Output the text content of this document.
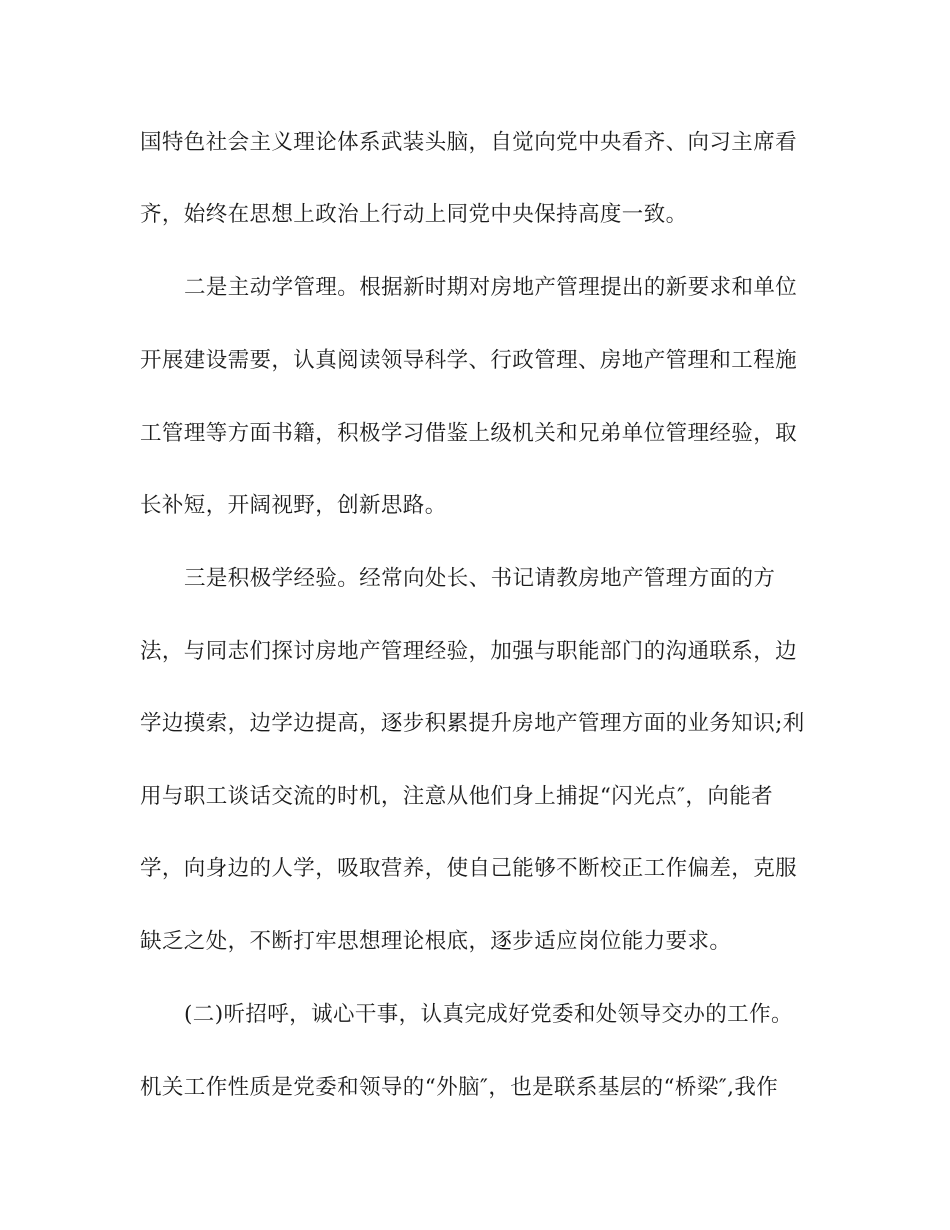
国特色社会主义理论体系武装头脑，自觉向党中央看齐、向习主席看
齐，始终在思想上政治上行动上同党中央保持高度一致。
二是主动学管理。根据新时期对房地产管理提出的新要求和单位
开展建设需要，认真阅读领导科学、行政管理、房地产管理和工程施
工管理等方面书籍，积极学习借鉴上级机关和兄弟单位管理经验，取
长补短，开阔视野，创新思路。
三是积极学经验。经常向处长、书记请教房地产管理方面的方
法，与同志们探讨房地产管理经验，加强与职能部门的沟通联系，边
学边摸索，边学边提高，逐步积累提升房地产管理方面的业务知识;利
用与职工谈话交流的时机，注意从他们身上捕捉“闪光点″，向能者
学，向身边的人学，吸取营养，使自己能够不断校正工作偏差，克服
缺乏之处，不断打牢思想理论根底，逐步适应岗位能力要求。
(二)听招呼，诚心干事，认真完成好党委和处领导交办的工作。
机关工作性质是党委和领导的“外脑″，也是联系基层的“桥梁″,我作
